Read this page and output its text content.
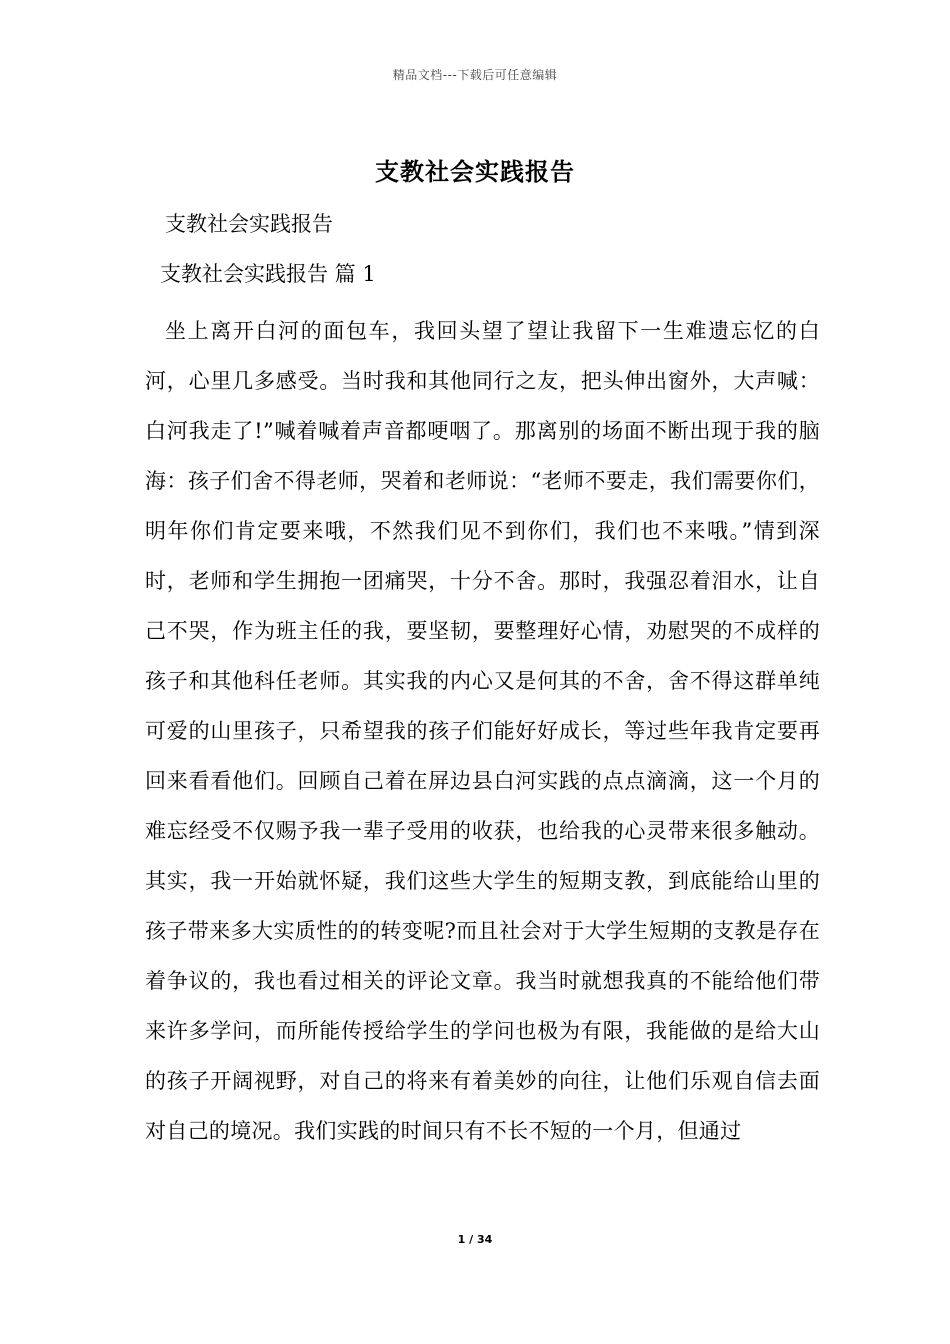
精品文档---下载后可任意编辑
支教社会实践报告
支教社会实践报告
支教社会实践报告 篇 1

坐上离开白河的面包车，我回头望了望让我留下一生难遗忘忆的白河，心里几多感受。当时我和其他同行之友，把头伸出窗外，大声喊：白河我走了!”喊着喊着声音都哽咽了。那离别的场面不断出现于我的脑海：孩子们舍不得老师，哭着和老师说：“老师不要走，我们需要你们，明年你们肯定要来哦，不然我们见不到你们，我们也不来哦。”情到深时，老师和学生拥抱一团痛哭，十分不舍。那时，我强忍着泪水，让自己不哭，作为班主任的我，要坚韧，要整理好心情，劝慰哭的不成样的孩子和其他科任老师。其实我的内心又是何其的不舍，舍不得这群单纯可爱的山里孩子，只希望我的孩子们能好好成长，等过些年我肯定要再回来看看他们。回顾自己着在屏边县白河实践的点点滴滴，这一个月的难忘经受不仅赐予我一辈子受用的收获，也给我的心灵带来很多触动。其实，我一开始就怀疑，我们这些大学生的短期支教，到底能给山里的孩子带来多大实质性的的转变呢?而且社会对于大学生短期的支教是存在着争议的，我也看过相关的评论文章。我当时就想我真的不能给他们带来许多学问，而所能传授给学生的学问也极为有限，我能做的是给大山的孩子开阔视野，对自己的将来有着美妙的向往，让他们乐观自信去面对自己的境况。我们实践的时间只有不长不短的一个月，但通过

1 / 34
